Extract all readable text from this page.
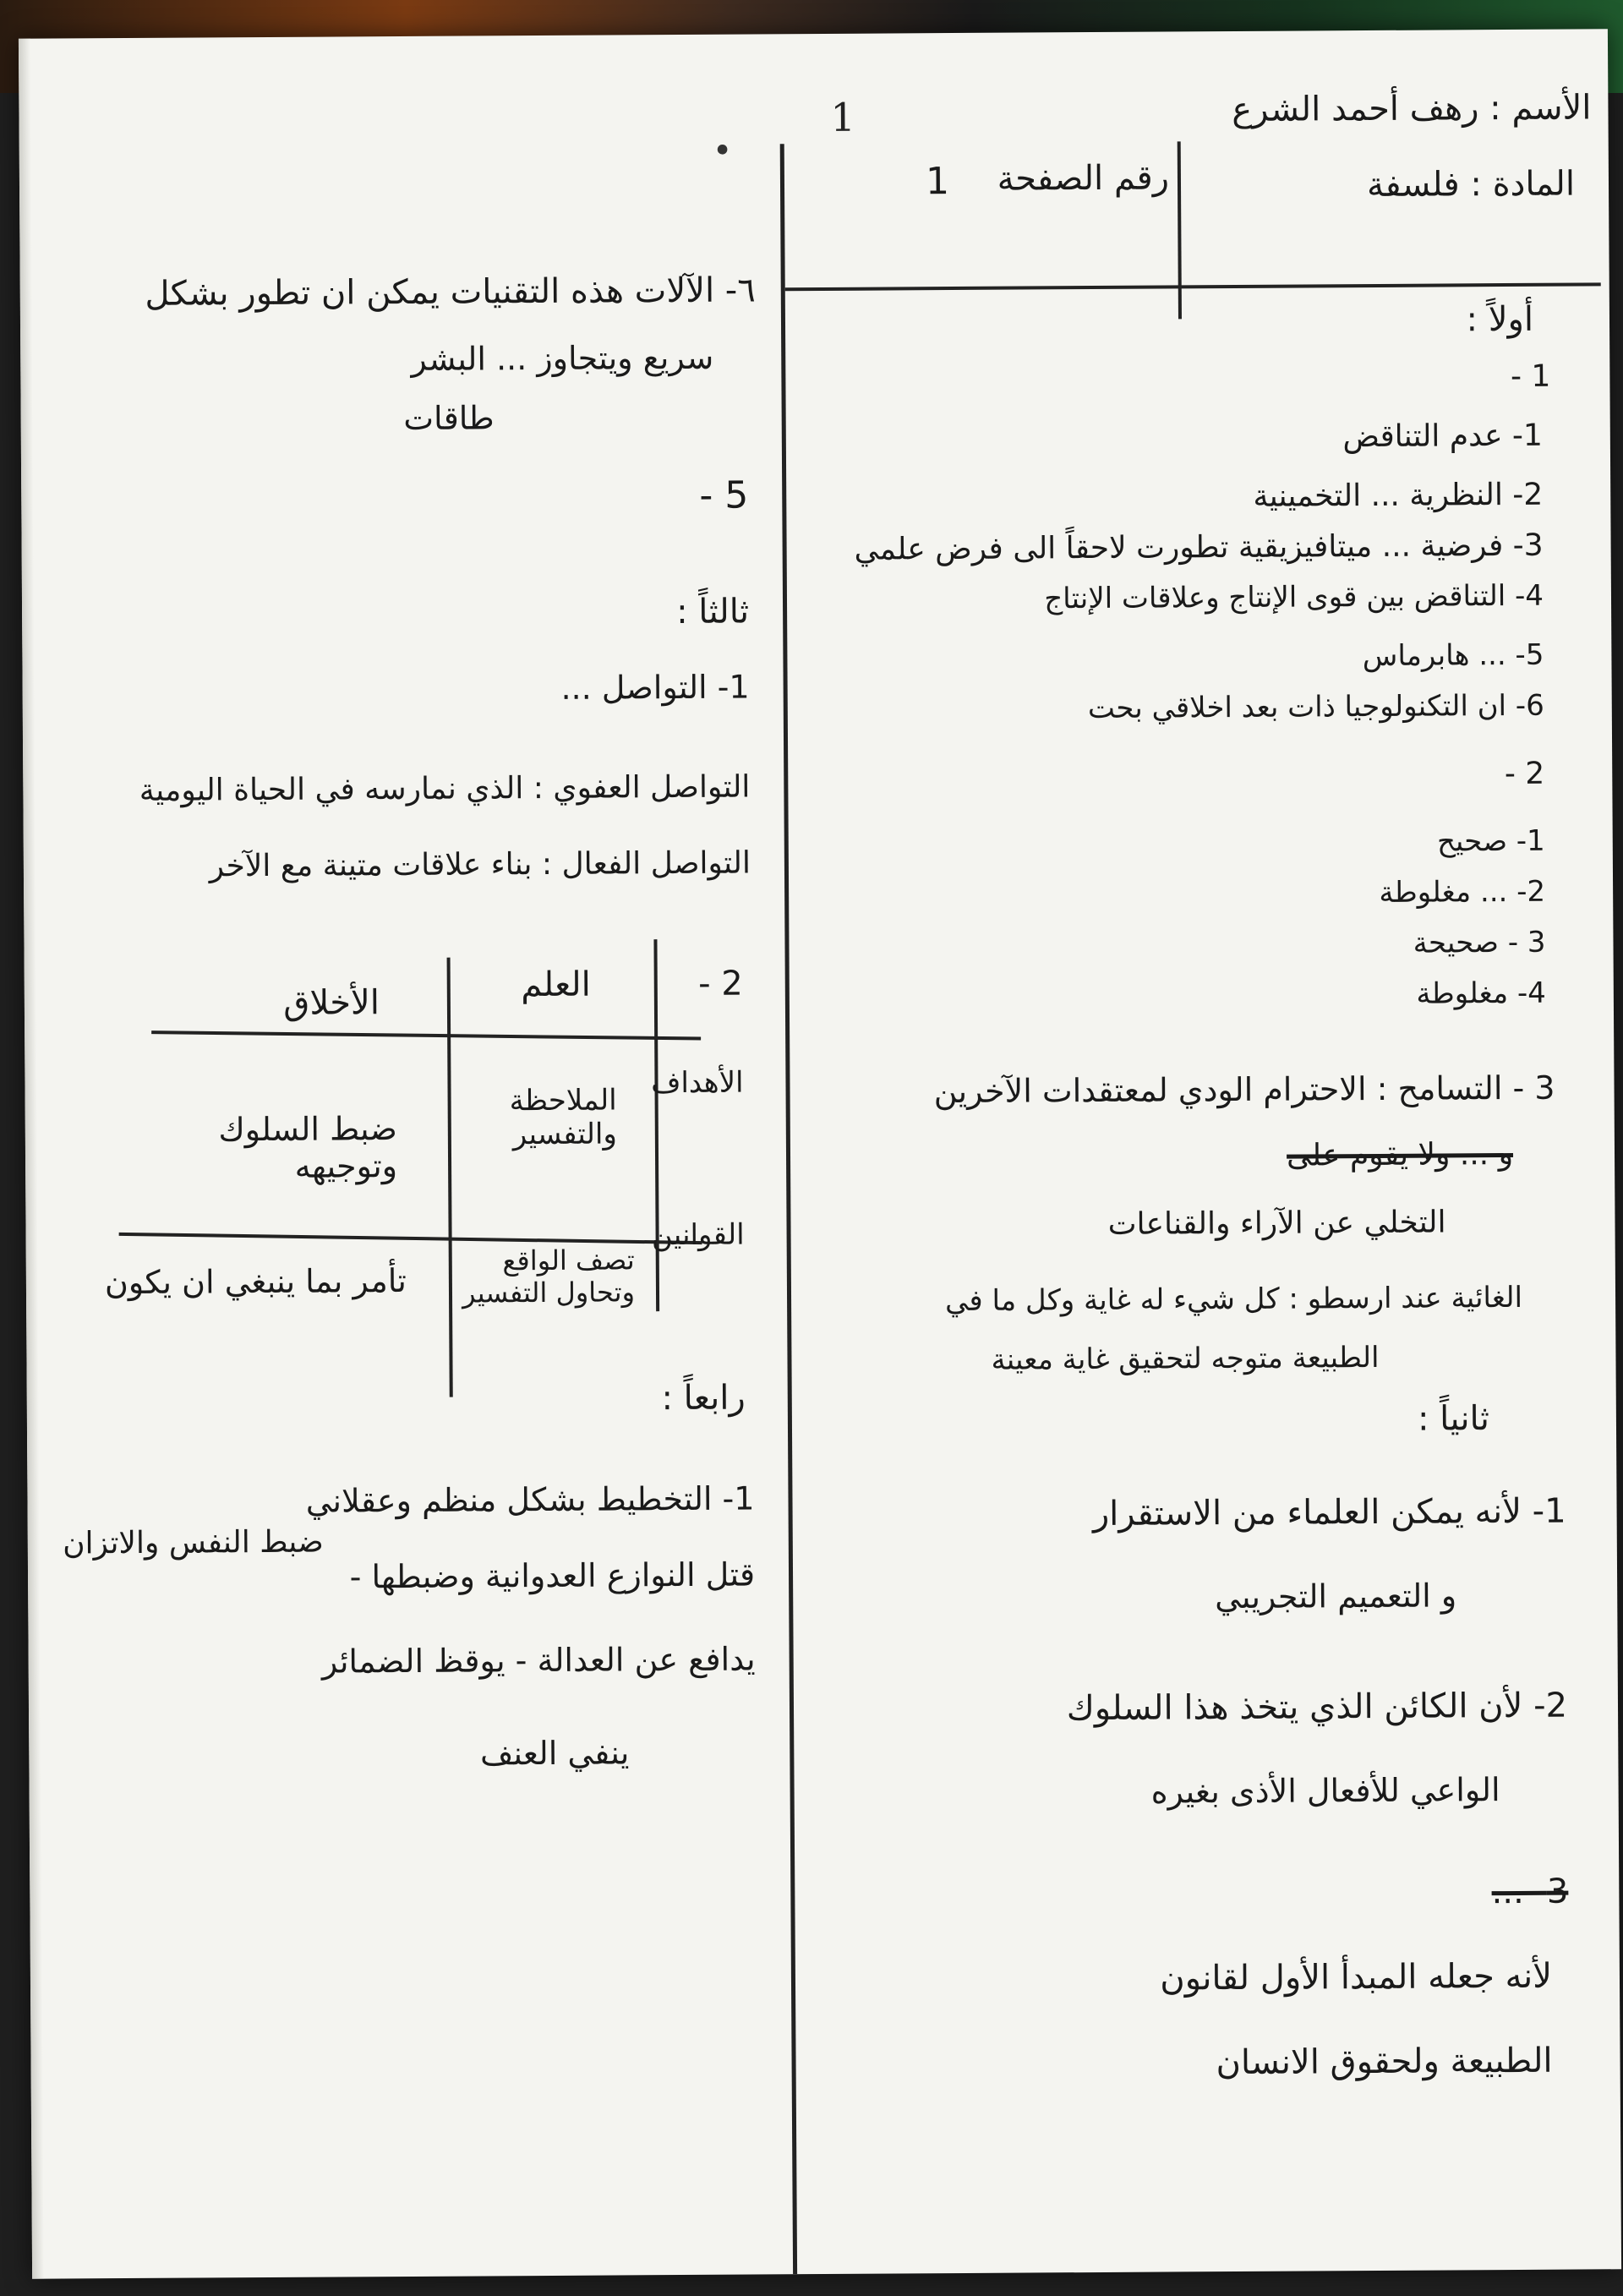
1
•
الأسم : رهف أحمد الشرع
المادة : فلسفة
رقم الصفحة
1
أولاً :
1 -
1- عدم التناقض
2- النظرية ... التخمينية
3- فرضية ... ميتافيزيقية تطورت لاحقاً الى فرض علمي
4- التناقض بين قوى الإنتاج وعلاقات الإنتاج
5- ... هابرماس
6- ان التكنولوجيا ذات بعد اخلاقي بحت
2 -
1- صحيح
2- ... مغلوطة
3 - صحيحة
4- مغلوطة
3 - التسامح : الاحترام الودي لمعتقدات الآخرين
و ... ولا يقوم على
التخلي عن الآراء والقناعات
الغائية عند ارسطو : كل شيء له غاية وكل ما في
الطبيعة متوجه لتحقيق غاية معينة
ثانياً :
1- لأنه يمكن العلماء من الاستقرار
و التعميم التجريبي
2- لأن الكائن الذي يتخذ هذا السلوك
الواعي للأفعال الأذى بغيره
3- ...
لأنه جعله المبدأ الأول لقانون
الطبيعة ولحقوق الانسان
٦- الآلات هذه التقنيات يمكن ان تطور بشكل
سريع ويتجاوز ... البشر
طاقات
5 -
ثالثاً :
1- التواصل ...
التواصل العفوي : الذي نمارسه في الحياة اليومية
التواصل الفعال : بناء علاقات متينة مع الآخر
2 -
العلم
الأخلاق
الأهداف
الملاحظة والتفسير
ضبط السلوك وتوجيهه
القوانين
تصف الواقع وتحاول التفسير
تأمر بما ينبغي ان يكون
رابعاً :
1- التخطيط بشكل منظم وعقلاني
ضبط النفس والاتزان
قتل النوازع العدوانية وضبطها -
يدافع عن العدالة - يوقظ الضمائر
ينفي العنف
